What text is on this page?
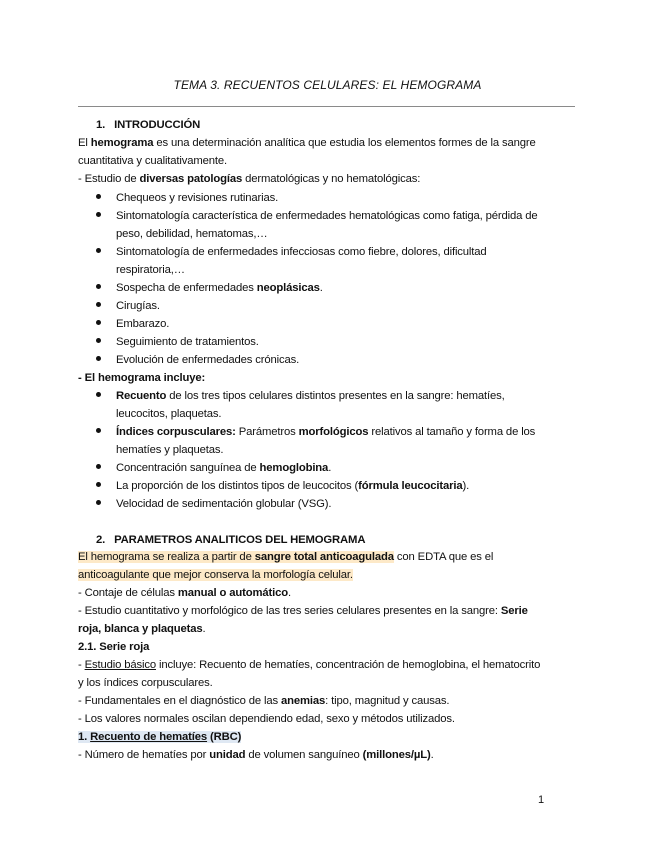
TEMA 3. RECUENTOS CELULARES: EL HEMOGRAMA
1. INTRODUCCIÓN
El hemograma es una determinación analítica que estudia los elementos formes de la sangre
cuantitativa y cualitativamente.
- Estudio de diversas patologías dermatológicas y no hematológicas:
Chequeos y revisiones rutinarias.
Sintomatología característica de enfermedades hematológicas como fatiga, pérdida de
peso, debilidad, hematomas,…
Sintomatología de enfermedades infecciosas como fiebre, dolores, dificultad
respiratoria,…
Sospecha de enfermedades neoplásicas.
Cirugías.
Embarazo.
Seguimiento de tratamientos.
Evolución de enfermedades crónicas.
- El hemograma incluye:
Recuento de los tres tipos celulares distintos presentes en la sangre: hematíes,
leucocitos, plaquetas.
Índices corpusculares: Parámetros morfológicos relativos al tamaño y forma de los
hematíes y plaquetas.
Concentración sanguínea de hemoglobina.
La proporción de los distintos tipos de leucocitos (fórmula leucocitaria).
Velocidad de sedimentación globular (VSG).
2. PARAMETROS ANALITICOS DEL HEMOGRAMA
El hemograma se realiza a partir de sangre total anticoagulada con EDTA que es el
anticoagulante que mejor conserva la morfología celular.
- Contaje de células manual o automático.
- Estudio cuantitativo y morfológico de las tres series celulares presentes en la sangre: Serie
roja, blanca y plaquetas.
2.1. Serie roja
- Estudio básico incluye: Recuento de hematíes, concentración de hemoglobina, el hematocrito
y los índices corpusculares.
- Fundamentales en el diagnóstico de las anemias: tipo, magnitud y causas.
- Los valores normales oscilan dependiendo edad, sexo y métodos utilizados.
1. Recuento de hematíes (RBC)
- Número de hematíes por unidad de volumen sanguíneo (millones/µL).
1
